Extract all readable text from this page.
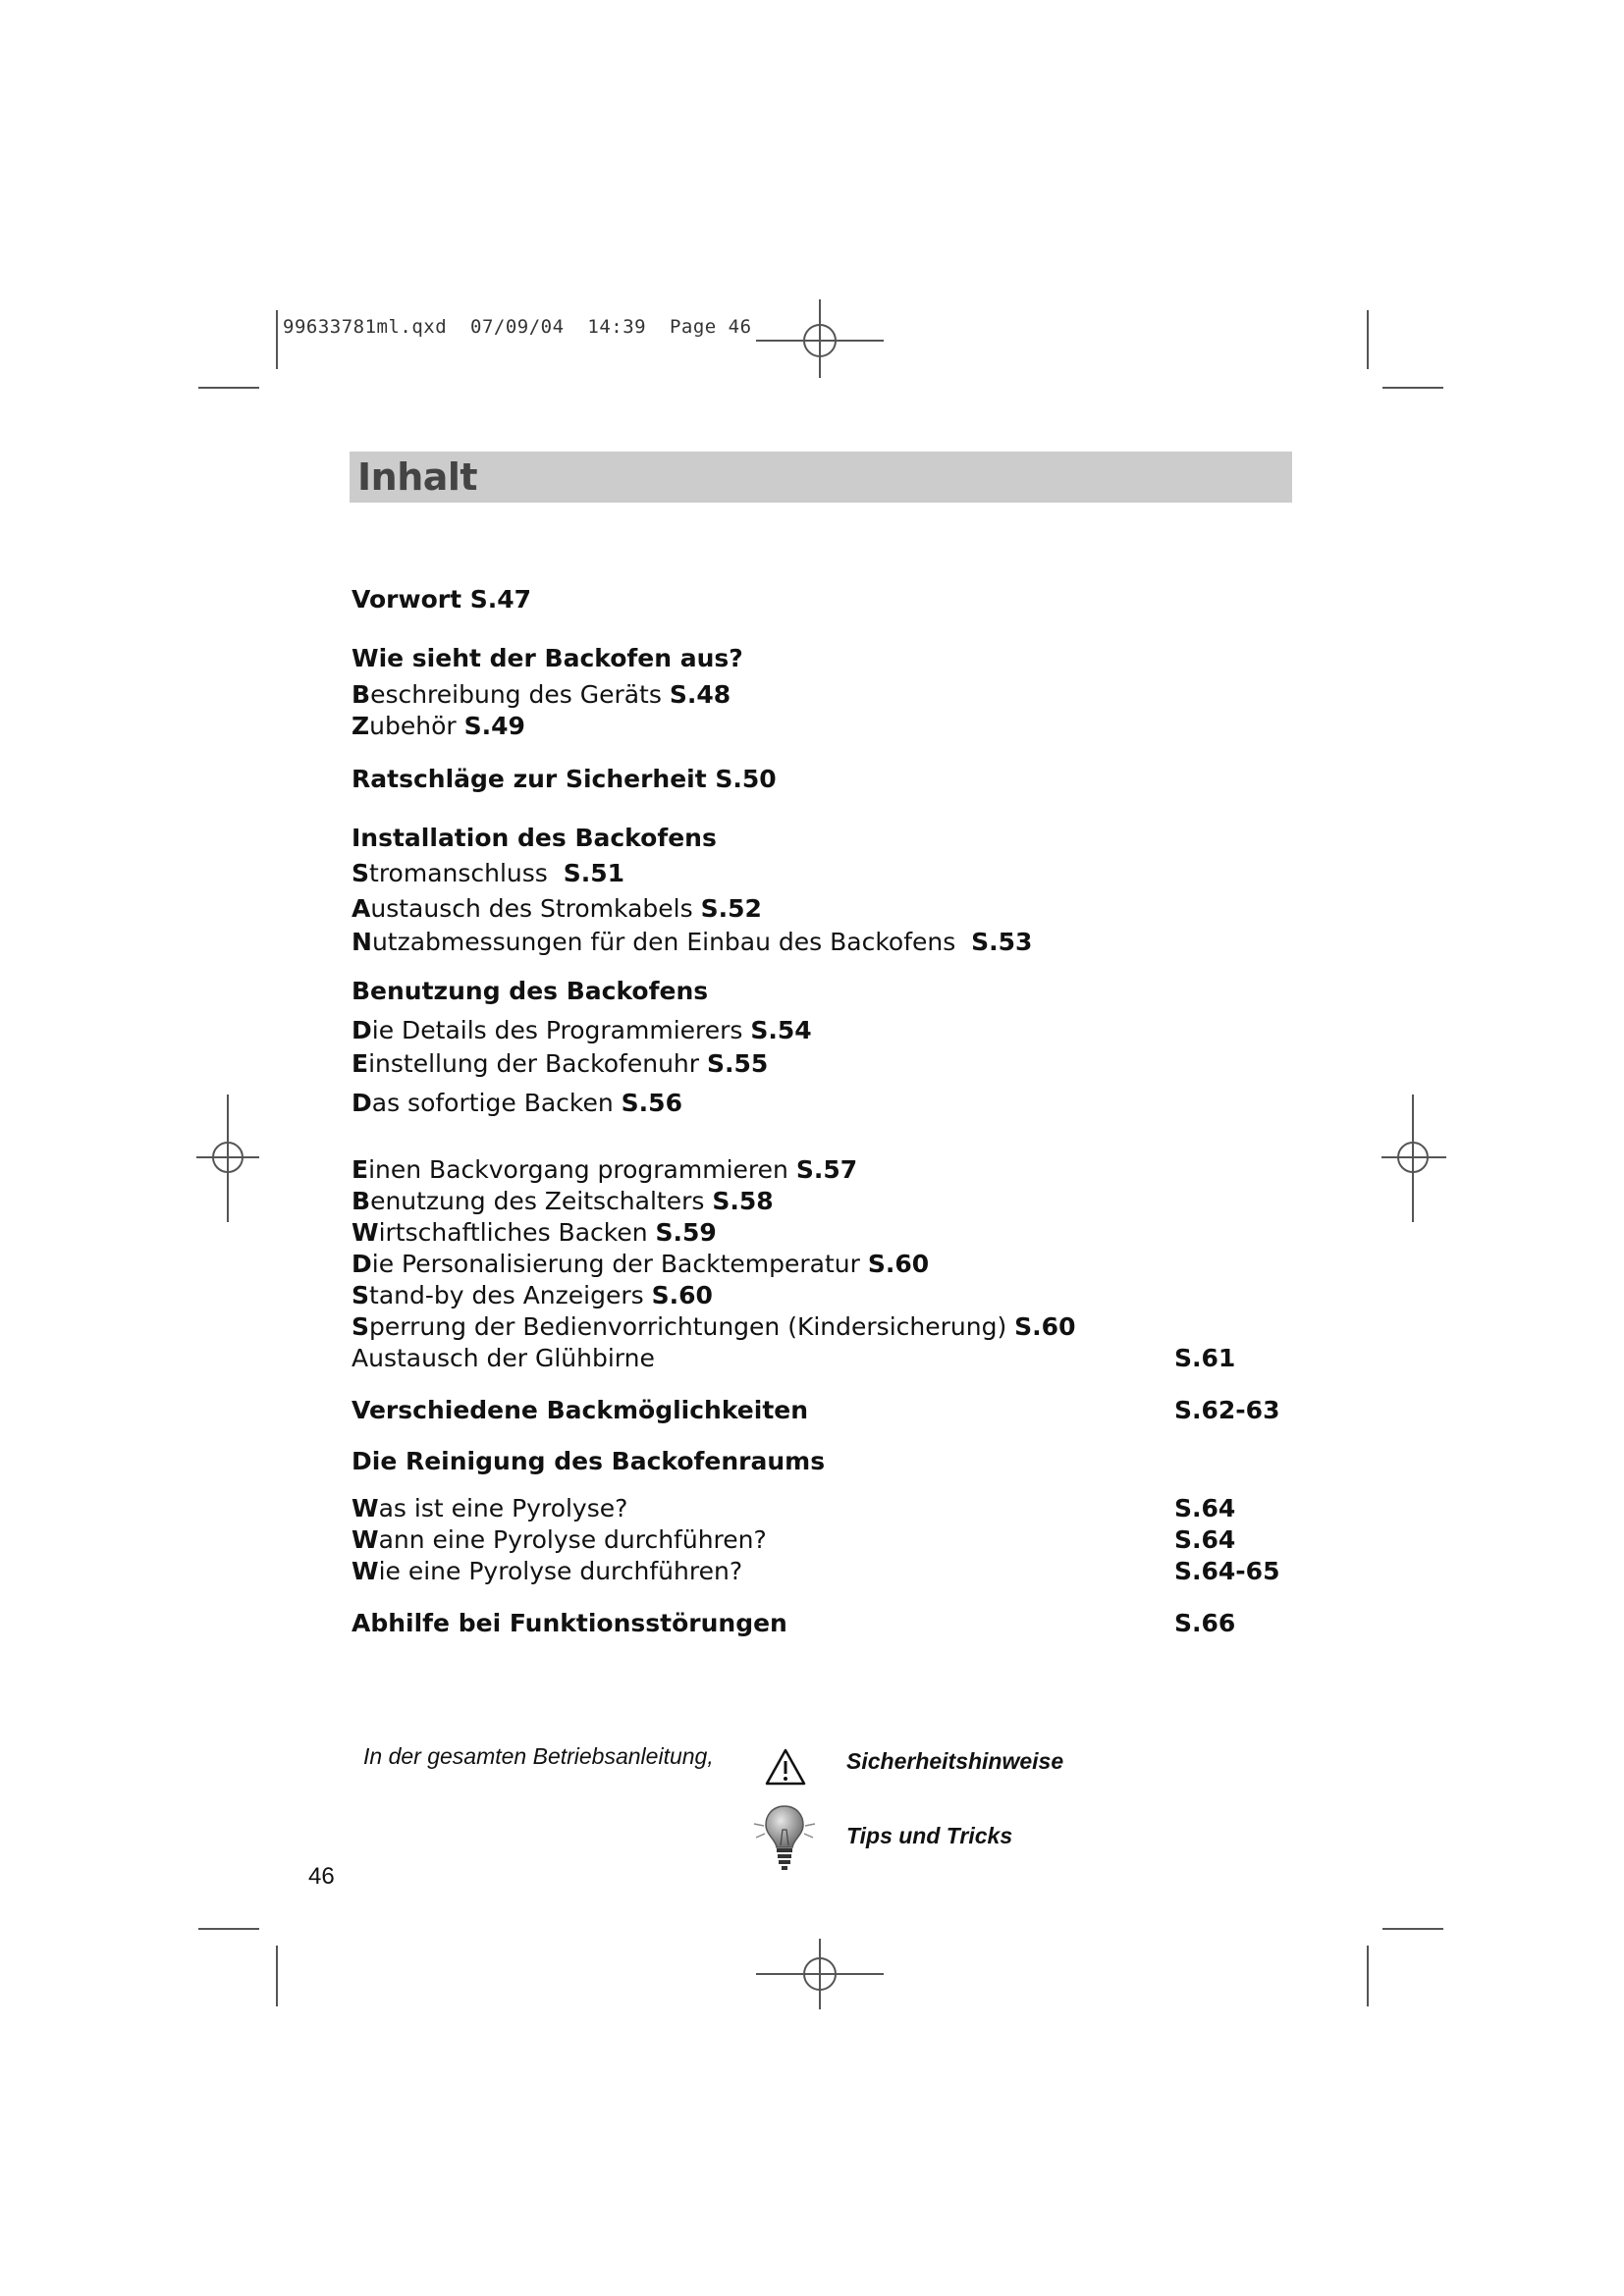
99633781ml.qxd  07/09/04  14:39  Page 46
Inhalt
Vorwort S.47
Wie sieht der Backofen aus?
Beschreibung des Geräts S.48
Zubehör S.49
Ratschläge zur Sicherheit S.50
Installation des Backofens
Stromanschluss  S.51
Austausch des Stromkabels S.52
Nutzabmessungen für den Einbau des Backofens  S.53
Benutzung des Backofens
Die Details des Programmierers S.54
Einstellung der Backofenuhr S.55
Das sofortige Backen S.56
Einen Backvorgang programmieren S.57
Benutzung des Zeitschalters S.58
Wirtschaftliches Backen S.59
Die Personalisierung der Backtemperatur S.60
Stand-by des Anzeigers S.60
Sperrung der Bedienvorrichtungen (Kindersicherung) S.60
S.61
Austausch der Glühbirne
S.62-63
Verschiedene Backmöglichkeiten
Die Reinigung des Backofenraums
S.64
Was ist eine Pyrolyse?
S.64
Wann eine Pyrolyse durchführen?
S.64-65
Wie eine Pyrolyse durchführen?
S.66
Abhilfe bei Funktionsstörungen
In der gesamten Betriebsanleitung,	Sicherheitshinweise
Tips und Tricks
46
